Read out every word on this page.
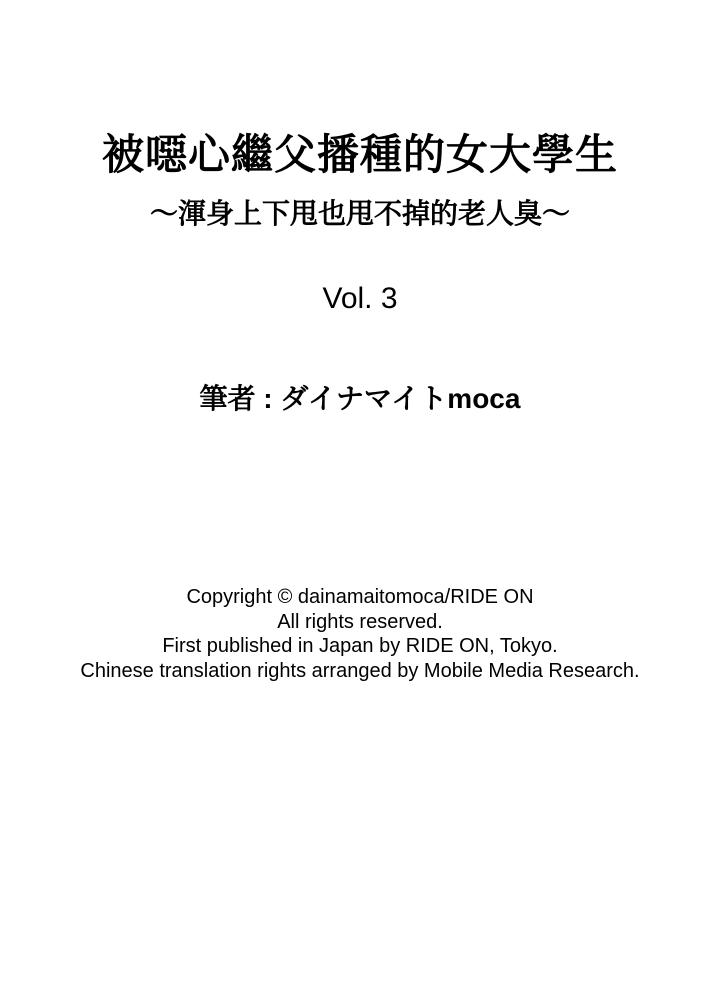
被噁心繼父播種的女大學生
～渾身上下甩也甩不掉的老人臭～
Vol. 3
筆者 : ダイナマイトmoca

Copyright © dainamaitomoca/RIDE ON

All rights reserved.

First published in Japan by RIDE ON, Tokyo.

Chinese translation rights arranged by Mobile Media Research.
